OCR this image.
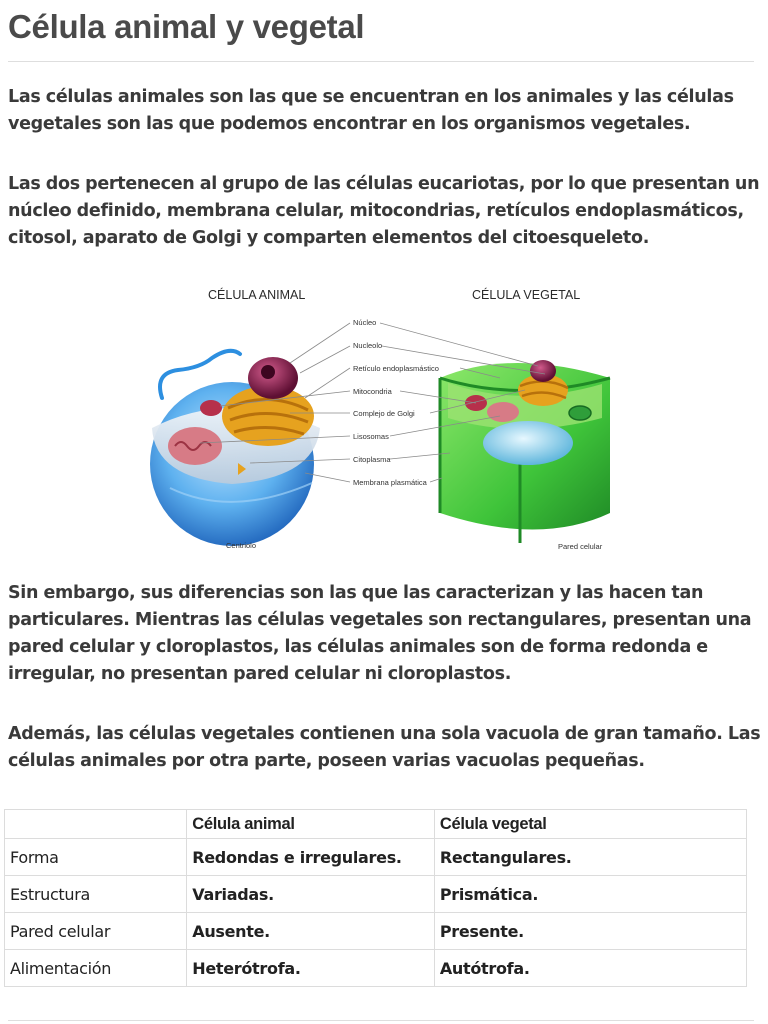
Célula animal y vegetal

Las células animales son las que se encuentran en los animales y las células vegetales son las que podemos encontrar en los organismos vegetales.

Las dos pertenecen al grupo de las células eucariotas, por lo que presentan un núcleo definido, membrana celular, mitocondrias, retículos endoplasmáticos, citosol, aparato de Golgi y comparten elementos del citoesqueleto.

CÉLULA ANIMAL	CÉLULA VEGETAL
Núcleo
Nucleolo
Retículo endoplasmástico
Mitocondria
Complejo de Golgi
Lisosomas
Citoplasma
Membrana plasmática
Centriolo	Pared celular

Sin embargo, sus diferencias son las que las caracterizan y las hacen tan particulares. Mientras las células vegetales son rectangulares, presentan una pared celular y cloroplastos, las células animales son de forma redonda e irregular, no presentan pared celular ni cloroplastos.

Además, las células vegetales contienen una sola vacuola de gran tamaño. Las células animales por otra parte, poseen varias vacuolas pequeñas.

	Célula animal	Célula vegetal
Forma	Redondas e irregulares.	Rectangulares.
Estructura	Variadas.	Prismática.
Pared celular	Ausente.	Presente.
Alimentación	Heterótrofa.	Autótrofa.
